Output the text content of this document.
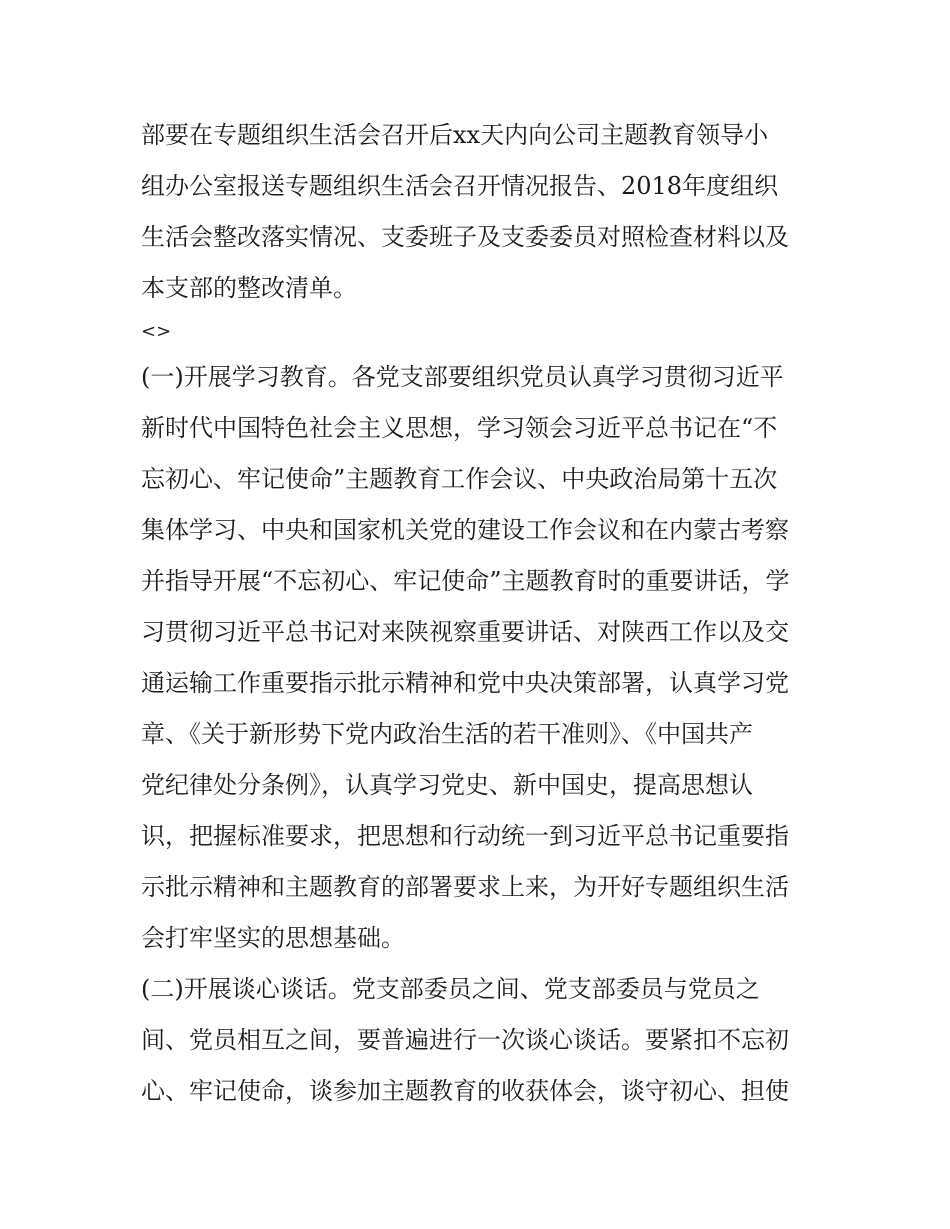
部要在专题组织生活会召开后xx天内向公司主题教育领导小
组办公室报送专题组织生活会召开情况报告、2018年度组织
生活会整改落实情况、支委班子及支委委员对照检查材料以及
本支部的整改清单。
<>
(一)开展学习教育。各党支部要组织党员认真学习贯彻习近平
新时代中国特色社会主义思想，学习领会习近平总书记在“不
忘初心、牢记使命”主题教育工作会议、中央政治局第十五次
集体学习、中央和国家机关党的建设工作会议和在内蒙古考察
并指导开展“不忘初心、牢记使命”主题教育时的重要讲话，学
习贯彻习近平总书记对来陕视察重要讲话、对陕西工作以及交
通运输工作重要指示批示精神和党中央决策部署，认真学习党
章、《关于新形势下党内政治生活的若干准则》、《中国共产
党纪律处分条例》，认真学习党史、新中国史，提高思想认
识，把握标准要求，把思想和行动统一到习近平总书记重要指
示批示精神和主题教育的部署要求上来，为开好专题组织生活
会打牢坚实的思想基础。
(二)开展谈心谈话。党支部委员之间、党支部委员与党员之
间、党员相互之间，要普遍进行一次谈心谈话。要紧扣不忘初
心、牢记使命，谈参加主题教育的收获体会，谈守初心、担使
